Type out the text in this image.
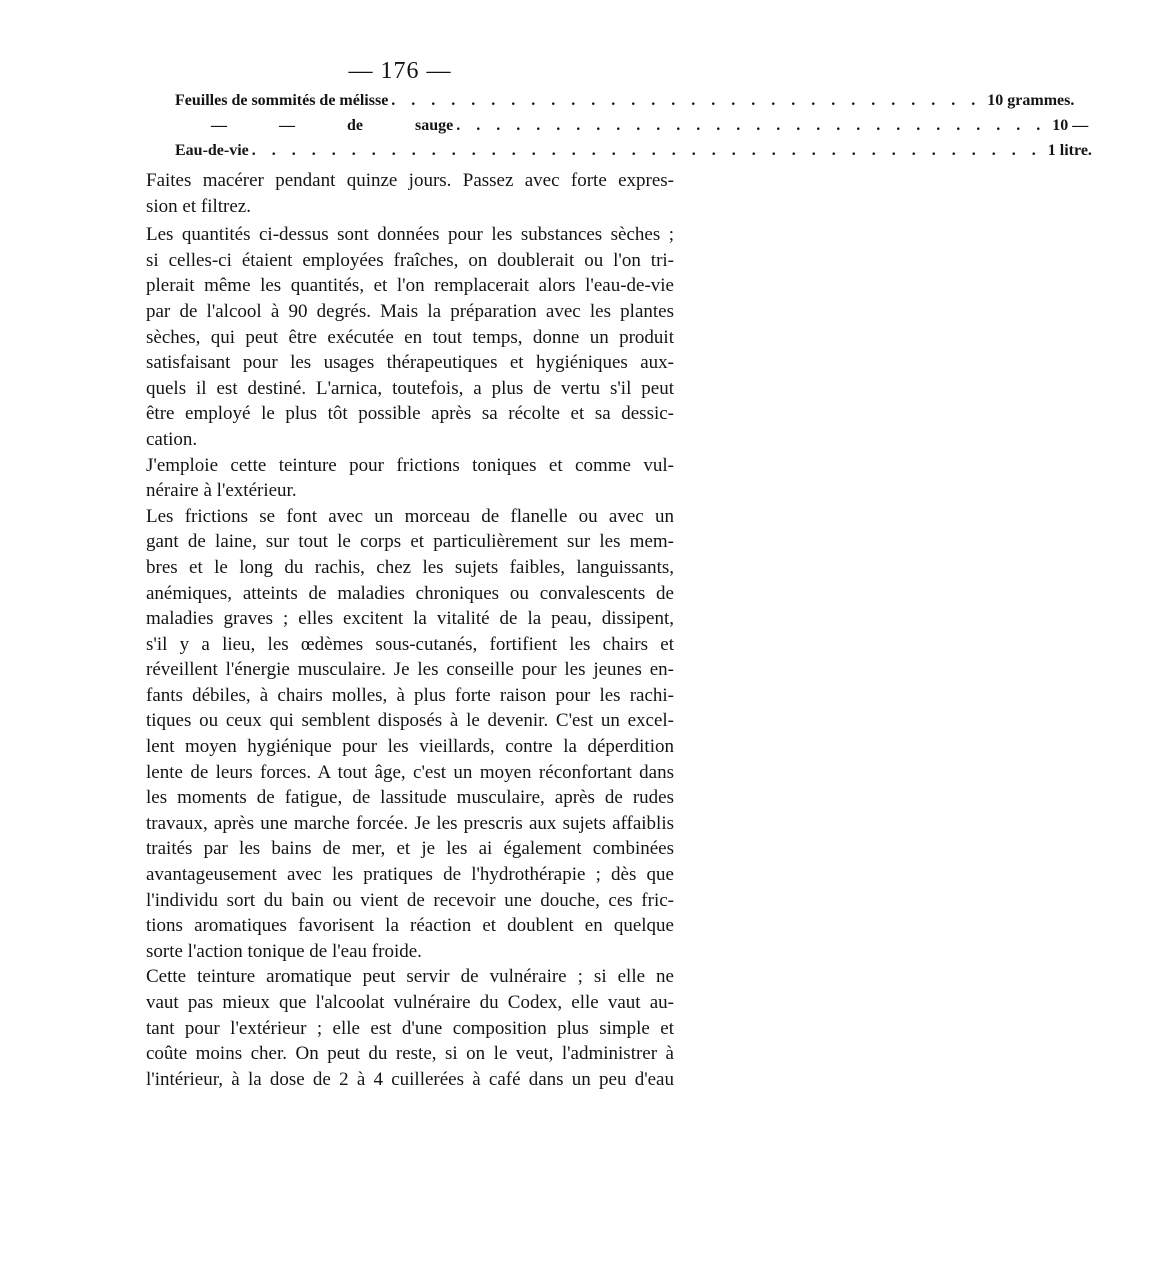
— 176 —
Feuilles de sommités de mélisse . . . . . . . . . . . . . . . . . . . . . . . . . . . . . . 10 grammes.
— — de sauge . . . . . . . . . . . . . . . . . . . . . . . . . . . . . . 10 —
Eau-de-vie . . . . . . . . . . . . . . . . . . . . . . . . . . . . . . . . . . . . . . . . 1 litre.

Faites macérer pendant quinze jours. Passez avec forte expres-
sion et filtrez.

Les quantités ci-dessus sont données pour les substances sèches ;
si celles-ci étaient employées fraîches, on doublerait ou l'on tri-
plerait même les quantités, et l'on remplacerait alors l'eau-de-vie
par de l'alcool à 90 degrés. Mais la préparation avec les plantes
sèches, qui peut être exécutée en tout temps, donne un produit
satisfaisant pour les usages thérapeutiques et hygiéniques aux-
quels il est destiné. L'arnica, toutefois, a plus de vertu s'il peut
être employé le plus tôt possible après sa récolte et sa dessic-
cation.

J'emploie cette teinture pour frictions toniques et comme vul-
néraire à l'extérieur.

Les frictions se font avec un morceau de flanelle ou avec un
gant de laine, sur tout le corps et particulièrement sur les mem-
bres et le long du rachis, chez les sujets faibles, languissants,
anémiques, atteints de maladies chroniques ou convalescents de
maladies graves ; elles excitent la vitalité de la peau, dissipent,
s'il y a lieu, les œdèmes sous-cutanés, fortifient les chairs et
réveillent l'énergie musculaire. Je les conseille pour les jeunes en-
fants débiles, à chairs molles, à plus forte raison pour les rachi-
tiques ou ceux qui semblent disposés à le devenir. C'est un excel-
lent moyen hygiénique pour les vieillards, contre la déperdition
lente de leurs forces. A tout âge, c'est un moyen réconfortant dans
les moments de fatigue, de lassitude musculaire, après de rudes
travaux, après une marche forcée. Je les prescris aux sujets affaiblis
traités par les bains de mer, et je les ai également combinées
avantageusement avec les pratiques de l'hydrothérapie ; dès que
l'individu sort du bain ou vient de recevoir une douche, ces fric-
tions aromatiques favorisent la réaction et doublent en quelque
sorte l'action tonique de l'eau froide.

Cette teinture aromatique peut servir de vulnéraire ; si elle ne
vaut pas mieux que l'alcoolat vulnéraire du Codex, elle vaut au-
tant pour l'extérieur ; elle est d'une composition plus simple et
coûte moins cher. On peut du reste, si on le veut, l'administrer à
l'intérieur, à la dose de 2 à 4 cuillerées à café dans un peu d'eau
